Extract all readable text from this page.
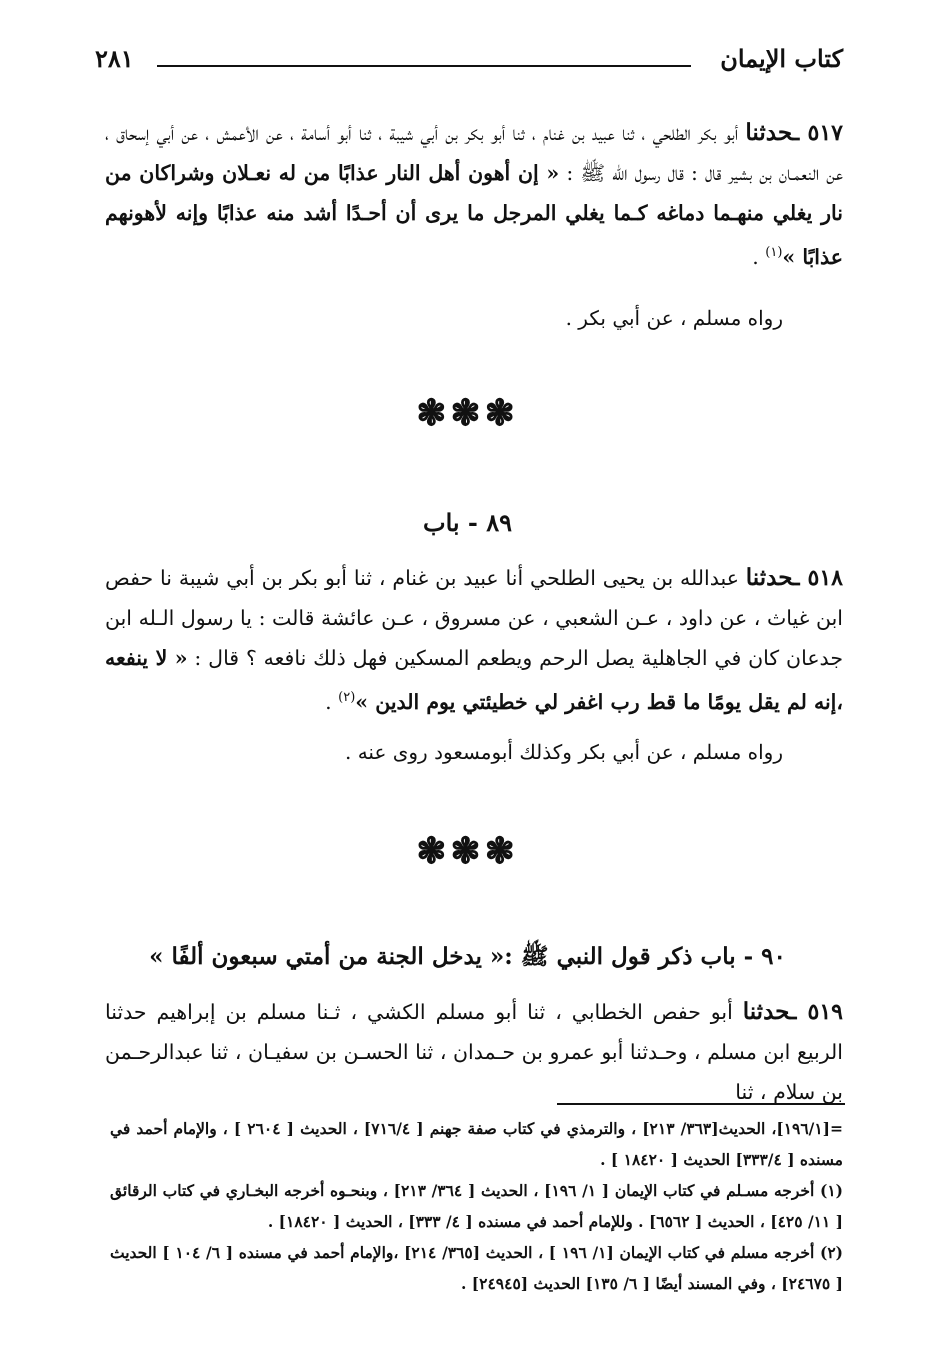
كتاب الإيمان
٢٨١
٥١٧ ـحدثنا أبو بكر الطلحي ، ثنا عبيد بن غنام ، ثنا أبو بكر بن أبي شيبة ، ثنا أبو أسامة ، عن الأعمش ، عن أبي إسحاق ، عن النعمـان بن بشير قال : قال رسول الله ﷺ : « إن أهون أهل النار عذابًا من له نعـلان وشراكان من نار يغلي منهـما دماغه كـما يغلي المرجل ما يرى أن أحـدًا أشد منه عذابًا وإنه لأهونهم عذابًا »$^{(١)}$ .
رواه مسلم ، عن أبي بكر .
❃❃❃
٨٩ - باب
٥١٨ ـحدثنا عبدالله بن يحيى الطلحي أنا عبيد بن غنام ، ثنا أبو بكر بن أبي شيبة نا حفص ابن غياث ، عن داود ، عـن الشعبي ، عن مسروق ، عـن عائشة قالت : يا رسول الـله ابن جدعان كان في الجاهلية يصل الرحم ويطعم المسكين فهل ذلك نافعه ؟ قال : « لا ينفعه ،إنه لم يقل يومًا ما قط رب اغفر لي خطيئتي يوم الدين »$^{(٢)}$ .
رواه مسلم ، عن أبي بكر وكذلك أبومسعود روى عنه .
❃❃❃
٩٠ - باب ذكر قول النبي ﷺ :« يدخل الجنة من أمتي سبعون ألفًا »
٥١٩ ـحدثنا أبو حفص الخطابي ، ثنا أبو مسلم الكشي ، ثـنا مسلم بن إبراهيم حدثنا الربيع ابن مسلم ، وحـدثنا أبو عمرو بن حـمدان ، ثنا الحسـن بن سفيـان ، ثنا عبدالرحـمن بن سلام ، ثنا
=[١٩٦/١]، الحديث[٣٦٣/ ٢١٣] ، والترمذي في كتاب صفة جهنم [ ٧١٦/٤] ، الحديث [ ٢٦٠٤ ] ، والإمام أحمد في مسنده [ ٣٣٣/٤] الحديث [ ١٨٤٢٠ ] .
(١) أخرجه مسـلم في كتاب الإيمان [ ١/ ١٩٦] ، الحديث [ ٣٦٤/ ٢١٣] ، وبنحـوه أخرجه البخـاري في كتاب الرقائق [ ١١/ ٤٢٥] ، الحديث [ ٦٥٦٢] . وللإمام أحمد في مسنده [ ٤/ ٣٣٣] ، الحديث [ ١٨٤٢٠] .
(٢) أخرجه مسلم في كتاب الإيمان [١/ ١٩٦ ] ، الحديث [٣٦٥/ ٢١٤] ،والإمام أحمد في مسنده [ ٦/ ١٠٤ ] الحديث [ ٢٤٦٧٥] ، وفي المسند أيضًا [ ٦/ ١٣٥] الحديث [٢٤٩٤٥] .
